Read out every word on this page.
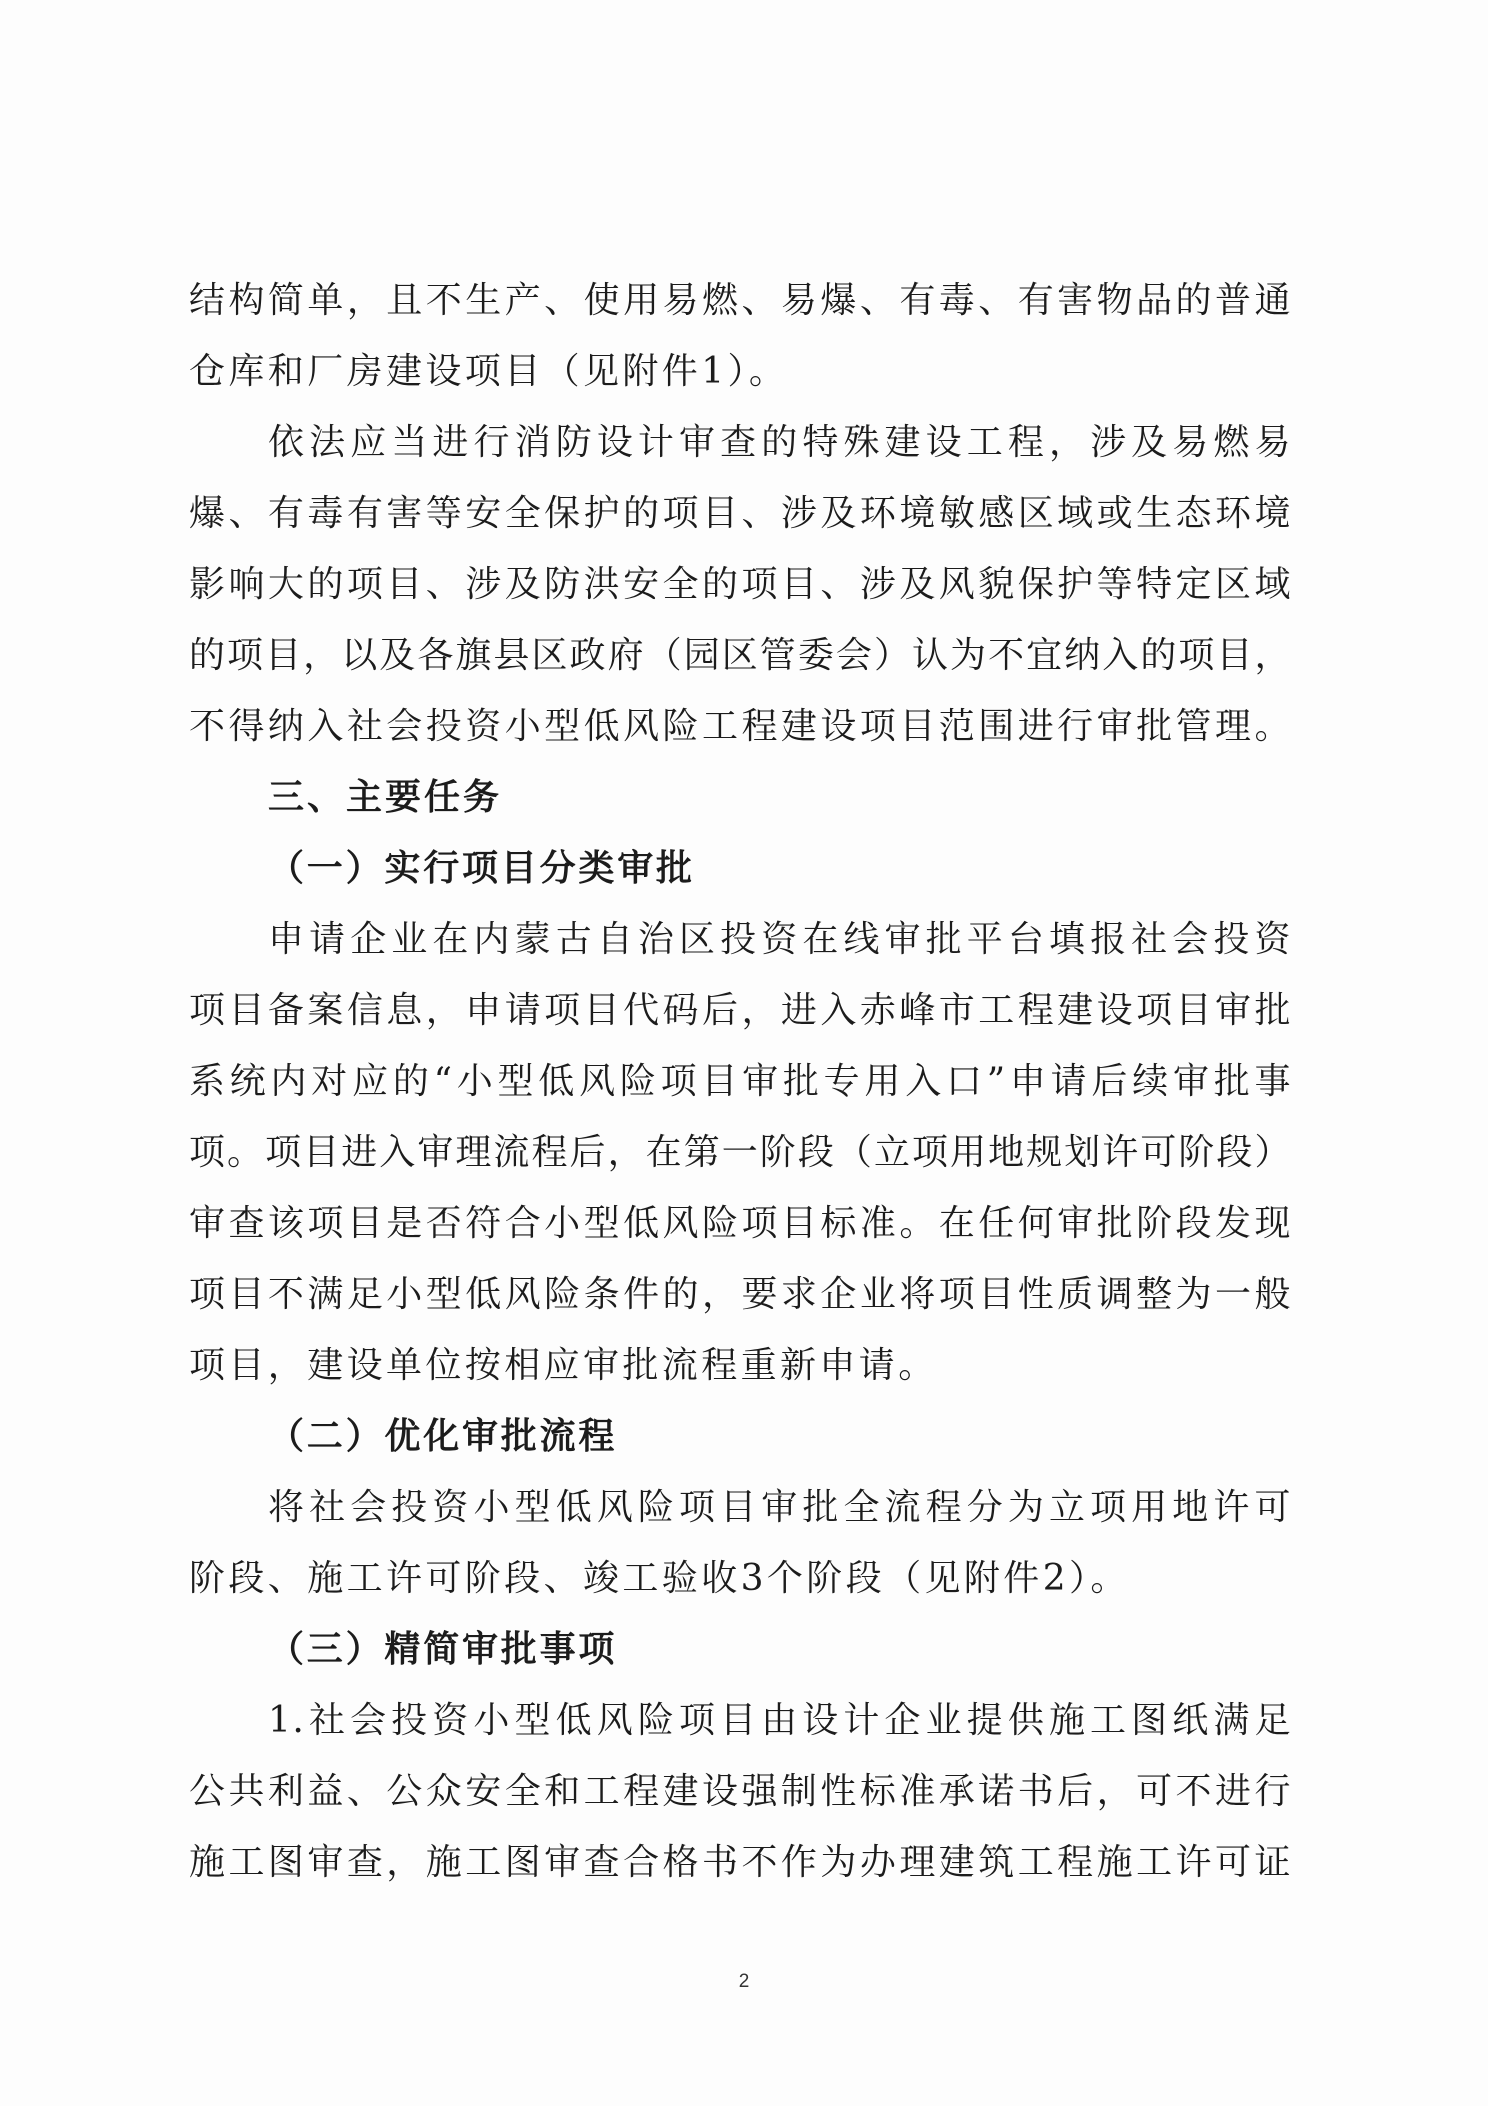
结构简单，且不生产、使用易燃、易爆、有毒、有害物品的普通
仓库和厂房建设项目（见附件1）。
依法应当进行消防设计审查的特殊建设工程，涉及易燃易
爆、有毒有害等安全保护的项目、涉及环境敏感区域或生态环境
影响大的项目、涉及防洪安全的项目、涉及风貌保护等特定区域
的项目，以及各旗县区政府（园区管委会）认为不宜纳入的项目，
不得纳入社会投资小型低风险工程建设项目范围进行审批管理。
三、主要任务
（一）实行项目分类审批
申请企业在内蒙古自治区投资在线审批平台填报社会投资
项目备案信息，申请项目代码后，进入赤峰市工程建设项目审批
系统内对应的“小型低风险项目审批专用入口”申请后续审批事
项。项目进入审理流程后，在第一阶段（立项用地规划许可阶段）
审查该项目是否符合小型低风险项目标准。在任何审批阶段发现
项目不满足小型低风险条件的，要求企业将项目性质调整为一般
项目，建设单位按相应审批流程重新申请。
（二）优化审批流程
将社会投资小型低风险项目审批全流程分为立项用地许可
阶段、施工许可阶段、竣工验收3个阶段（见附件2）。
（三）精简审批事项
1.社会投资小型低风险项目由设计企业提供施工图纸满足
公共利益、公众安全和工程建设强制性标准承诺书后，可不进行
施工图审查，施工图审查合格书不作为办理建筑工程施工许可证
2
